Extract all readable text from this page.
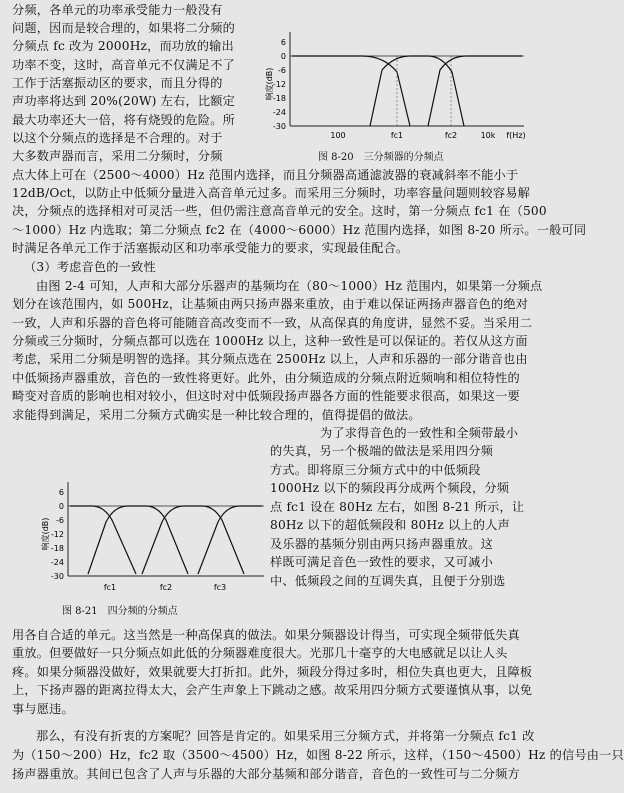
分频，各单元的功率承受能力一般没有
问题，因而是较合理的，如果将二分频的
分频点 fc 改为 2000Hz，而功放的输出
功率不变，这时，高音单元不仅满足不了
工作于活塞振动区的要求，而且分得的
声功率将达到 20%(20W) 左右，比额定
最大功率还大一倍，将有烧毁的危险。所
以这个分频点的选择是不合理的。对于
大多数声器而言，采用二分频时，分频
响度(dB)
6
0
-6
-12
-18
-24
-30
100	fc1	fc2	10k f(Hz)
图 8-20　三分频器的分频点
点大体上可在（2500～4000）Hz 范围内选择，而且分频器高通滤波器的衰减斜率不能小于
12dB/Oct，以防止中低频分量进入高音单元过多。而采用三分频时，功率容量问题则较容易解
决，分频点的选择相对可灵活一些，但仍需注意高音单元的安全。这时，第一分频点 fc1 在（500
～1000）Hz 内选取；第二分频点 fc2 在（4000～6000）Hz 范围内选择，如图 8-20 所示。一般可同
时满足各单元工作于活塞振动区和功率承受能力的要求，实现最佳配合。
（3）考虑音色的一致性
由图 2-4 可知，人声和大部分乐器声的基频均在（80～1000）Hz 范围内，如果第一分频点
划分在该范围内，如 500Hz，让基频由两只扬声器来重放，由于难以保证两扬声器音色的绝对
一致，人声和乐器的音色将可能随音高改变而不一致，从高保真的角度讲，显然不妥。当采用二
分频或三分频时，分频点都可以选在 1000Hz 以上，这种一致性是可以保证的。若仅从这方面
考虑，采用二分频是明智的选择。其分频点选在 2500Hz 以上，人声和乐器的一部分谐音也由
中低频扬声器重放，音色的一致性将更好。此外，由分频造成的分频点附近频响和相位特性的
畸变对音质的影响也相对较小，但这时对中低频段扬声器各方面的性能要求很高，如果这一要
求能得到满足，采用二分频方式确实是一种比较合理的，值得提倡的做法。
响度(dB)
6
0
-6
-12
-18
-24
-30
fc1	fc2	fc3
图 8-21　四分频的分频点
为了求得音色的一致性和全频带最小
的失真，另一个极端的做法是采用四分频
方式。即将原三分频方式中的中低频段
1000Hz 以下的频段再分成两个频段，分频
点 fc1 设在 80Hz 左右，如图 8-21 所示，让
80Hz 以下的超低频段和 80Hz 以上的人声
及乐器的基频分别由两只扬声器重放。这
样既可满足音色一致性的要求，又可减小
中、低频段之间的互调失真，且便于分别选
用各自合适的单元。这当然是一种高保真的做法。如果分频器设计得当，可实现全频带低失真
重放。但要做好一只分频点如此低的分频器难度很大。光那几十毫亨的大电感就足以让人头
疼。如果分频器没做好，效果就要大打折扣。此外，频段分得过多时，相位失真也更大，且障板
上，下扬声器的距离拉得太大，会产生声象上下跳动之感。故采用四分频方式要谨慎从事，以免
事与愿违。
那么，有没有折衷的方案呢？回答是肯定的。如果采用三分频方式，并将第一分频点 fc1 改
为（150～200）Hz，fc2 取（3500～4500）Hz，如图 8-22 所示，这样，（150～4500）Hz 的信号由一只
扬声器重放。其间已包含了人声与乐器的大部分基频和部分谐音，音色的一致性可与二分频方
